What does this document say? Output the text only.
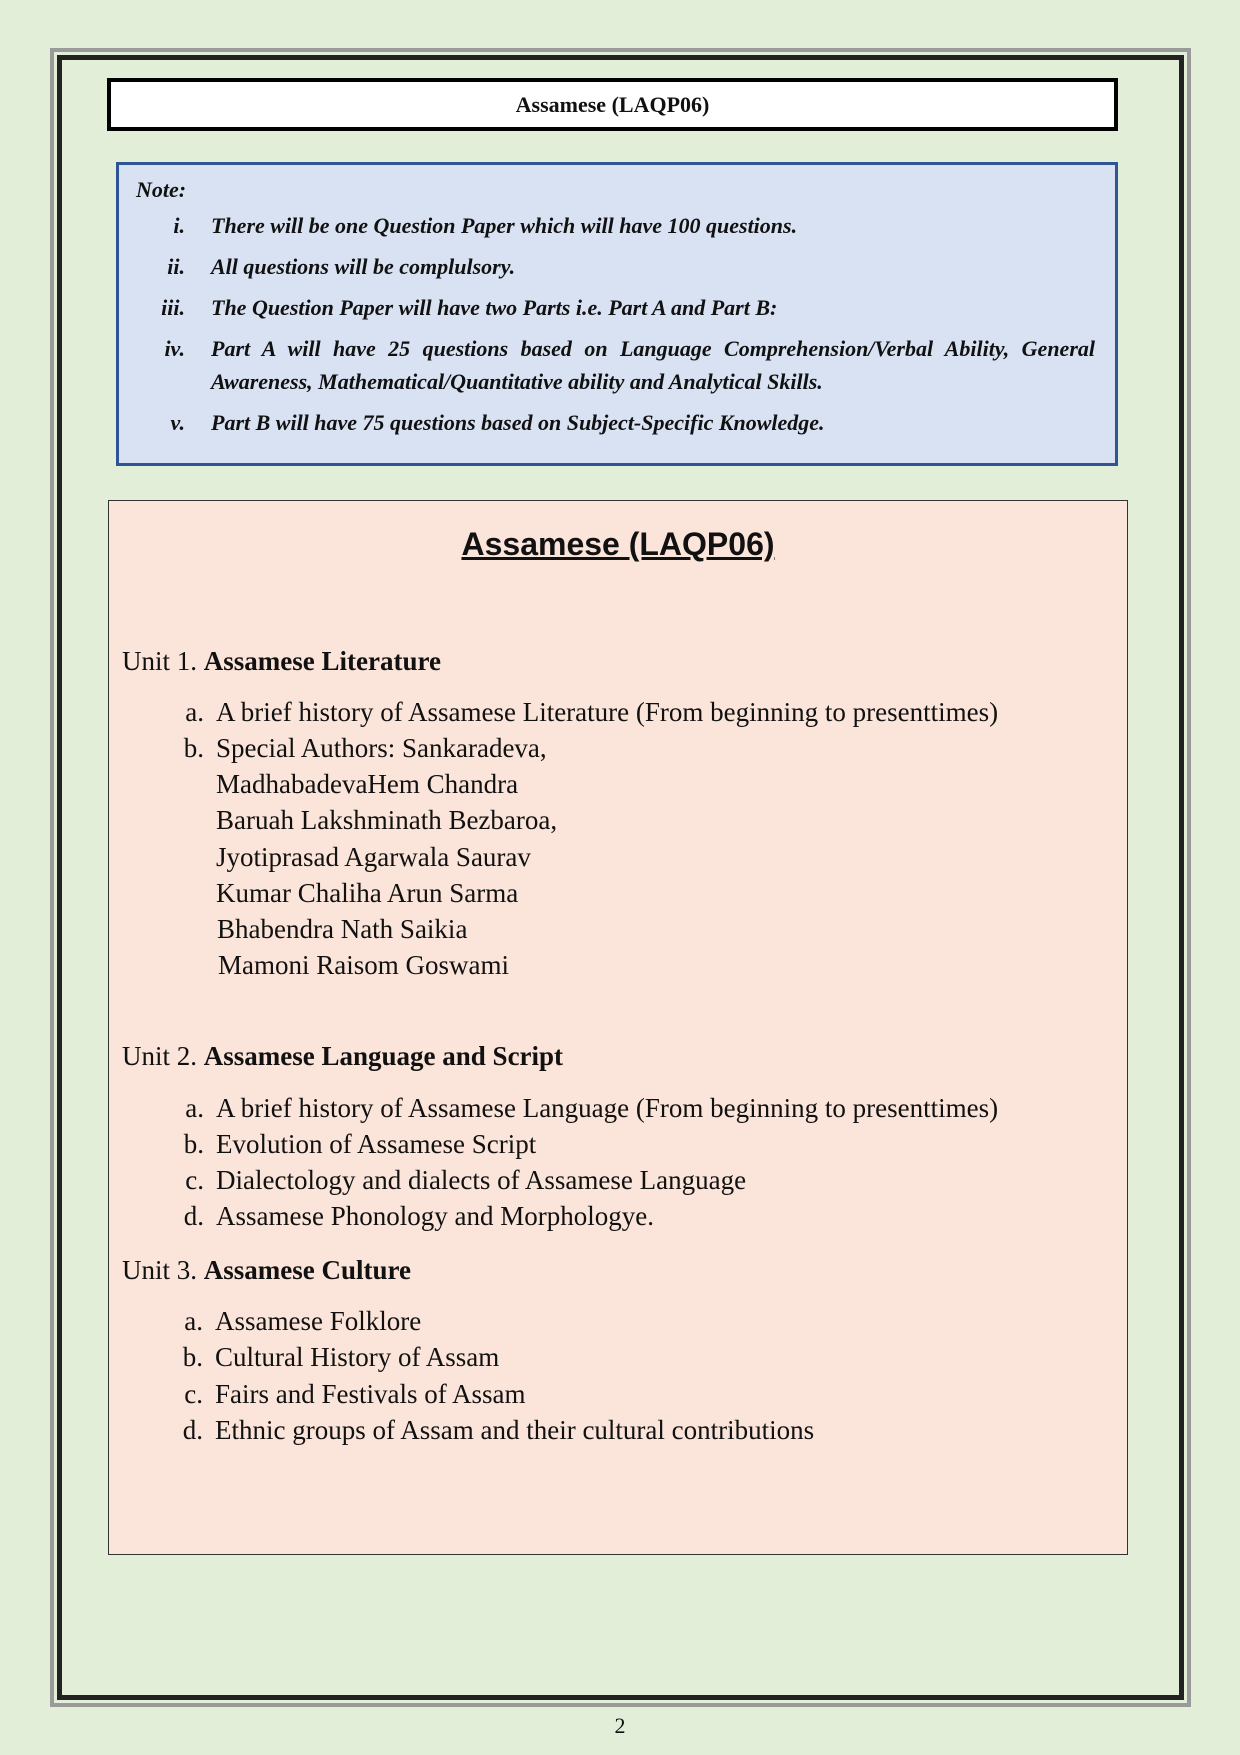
Assamese (LAQP06)
Note:
i. There will be one Question Paper which will have 100 questions.
ii. All questions will be complulsory.
iii. The Question Paper will have two Parts i.e. Part A and Part B:
iv. Part A will have 25 questions based on Language Comprehension/Verbal Ability, General Awareness, Mathematical/Quantitative ability and Analytical Skills.
v. Part B will have 75 questions based on Subject-Specific Knowledge.
Assamese (LAQP06)
Unit 1. Assamese Literature
a. A brief history of Assamese Literature (From beginning to presenttimes)
b. Special Authors: Sankaradeva,
MadhabadevaHem Chandra
Baruah Lakshminath Bezbaroa,
Jyotiprasad Agarwala Saurav
Kumar Chaliha Arun Sarma
Bhabendra Nath Saikia
Mamoni Raisom Goswami
Unit 2. Assamese Language and Script
a. A brief history of Assamese Language (From beginning to presenttimes)
b. Evolution of Assamese Script
c. Dialectology and dialects of Assamese Language
d. Assamese Phonology and Morphologye.
Unit 3. Assamese Culture
a. Assamese Folklore
b. Cultural History of Assam
c. Fairs and Festivals of Assam
d. Ethnic groups of Assam and their cultural contributions
2
